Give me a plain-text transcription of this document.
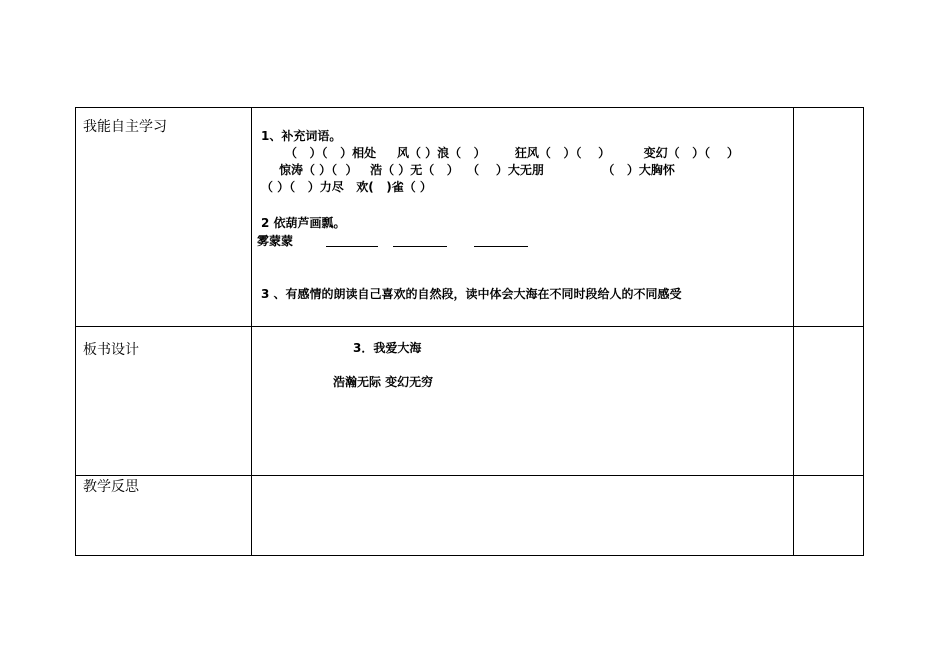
我能自主学习
1、补充词语。
（   ）（   ）相处     风（ ）浪（   ）       狂风（   ）（    ）        变幻（   ）（    ）
惊涛（ ）（  ）   浩（ ）无（   ）  （    ）大无朋              （   ）大胸怀
（ ）（   ）力尽   欢(   )雀（ ）
2 依葫芦画瓢。
雾蒙蒙
3 、有感情的朗读自己喜欢的自然段，读中体会大海在不同时段给人的不同感受
板书设计	3．我爱大海
浩瀚无际 变幻无穷
教学反思
